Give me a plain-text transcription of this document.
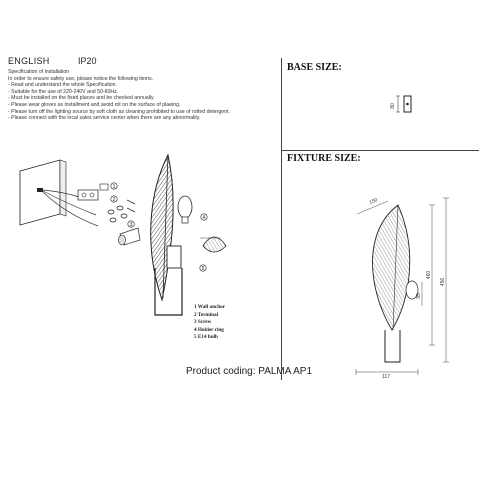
ENGLISH	IP20
Specification of installation
In order to ensure safety use, please notice the following items.
- Read and understand the whole Specification.
- Suitable for the use of 220-240V and 50-60Hz.
- Must be installed on the fixed places and be checked annually.
- Please wear gloves as installment and avoid rot on the surface of plaeing.
- Please turn off the lighting source by soft cloth as cleaning prohibited to use of rotted detergent.
- Please connect with the local sales service center when there are any abnormality.
BASE SIZE:
FIXTURE SIZE:
80
1
2
3
4
5
150
460
456
95
117
1 Wall anchor
2 Terminal
3 Screw
4 Holder ring
5 E14 bulb
Product coding: PALMA AP1
